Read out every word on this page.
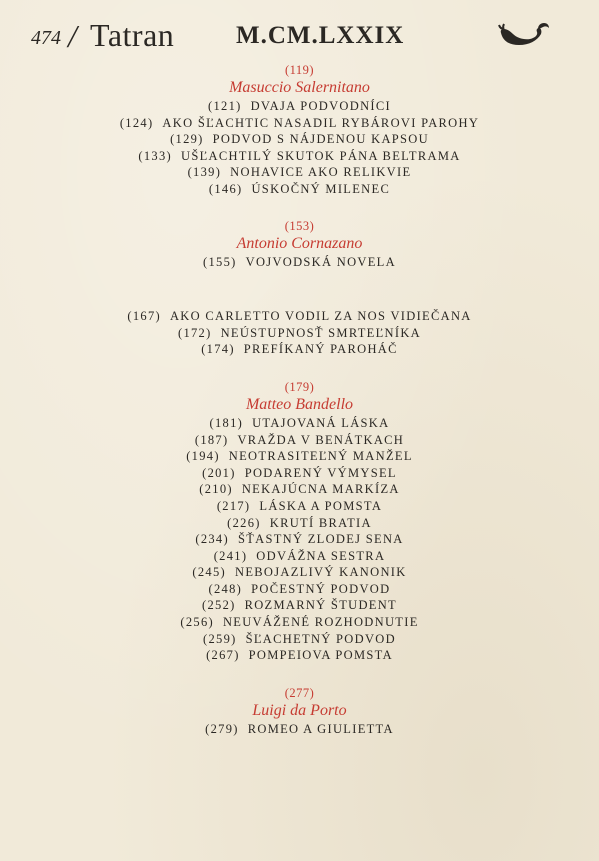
474 / Tatran M.CM.LXXIX
(119)
Masuccio Salernitano
(121) DVAJA PODVODNÍCI
(124) AKO ŠĽACHTIC NASADIL RYBÁROVI PAROHY
(129) PODVOD S NÁJDENOU KAPSOU
(133) UŠĽACHTILÝ SKUTOK PÁNA BELTRAMA
(139) NOHAVICE AKO RELIKVIE
(146) ÚSKOČNÝ MILENEC
(153)
Antonio Cornazano
(155) VOJVODSKÁ NOVELA
(167) AKO CARLETTO VODIL ZA NOS VIDIEČANA
(172) NEÚSTUPNOSŤ SMRTEĽNÍKA
(174) PREFÍKANÝ PAROHÁČ
(179)
Matteo Bandello
(181) UTAJOVANÁ LÁSKA
(187) VRAŽDA V BENÁTKACH
(194) NEOTRASITEĽNÝ MANŽEL
(201) PODARENÝ VÝMYSEL
(210) NEKAJÚCNA MARKÍZA
(217) LÁSKA A POMSTA
(226) KRUTÍ BRATIA
(234) ŠŤASTNÝ ZLODEJ SENA
(241) ODVÁŽNA SESTRA
(245) NEBOJAZLIVÝ KANONIK
(248) POČESTNÝ PODVOD
(252) ROZMARNÝ ŠTUDENT
(256) NEUVÁŽENÉ ROZHODNUTIE
(259) ŠĽACHETNÝ PODVOD
(267) POMPEIOVA POMSTA
(277)
Luigi da Porto
(279) ROMEO A GIULIETTA
